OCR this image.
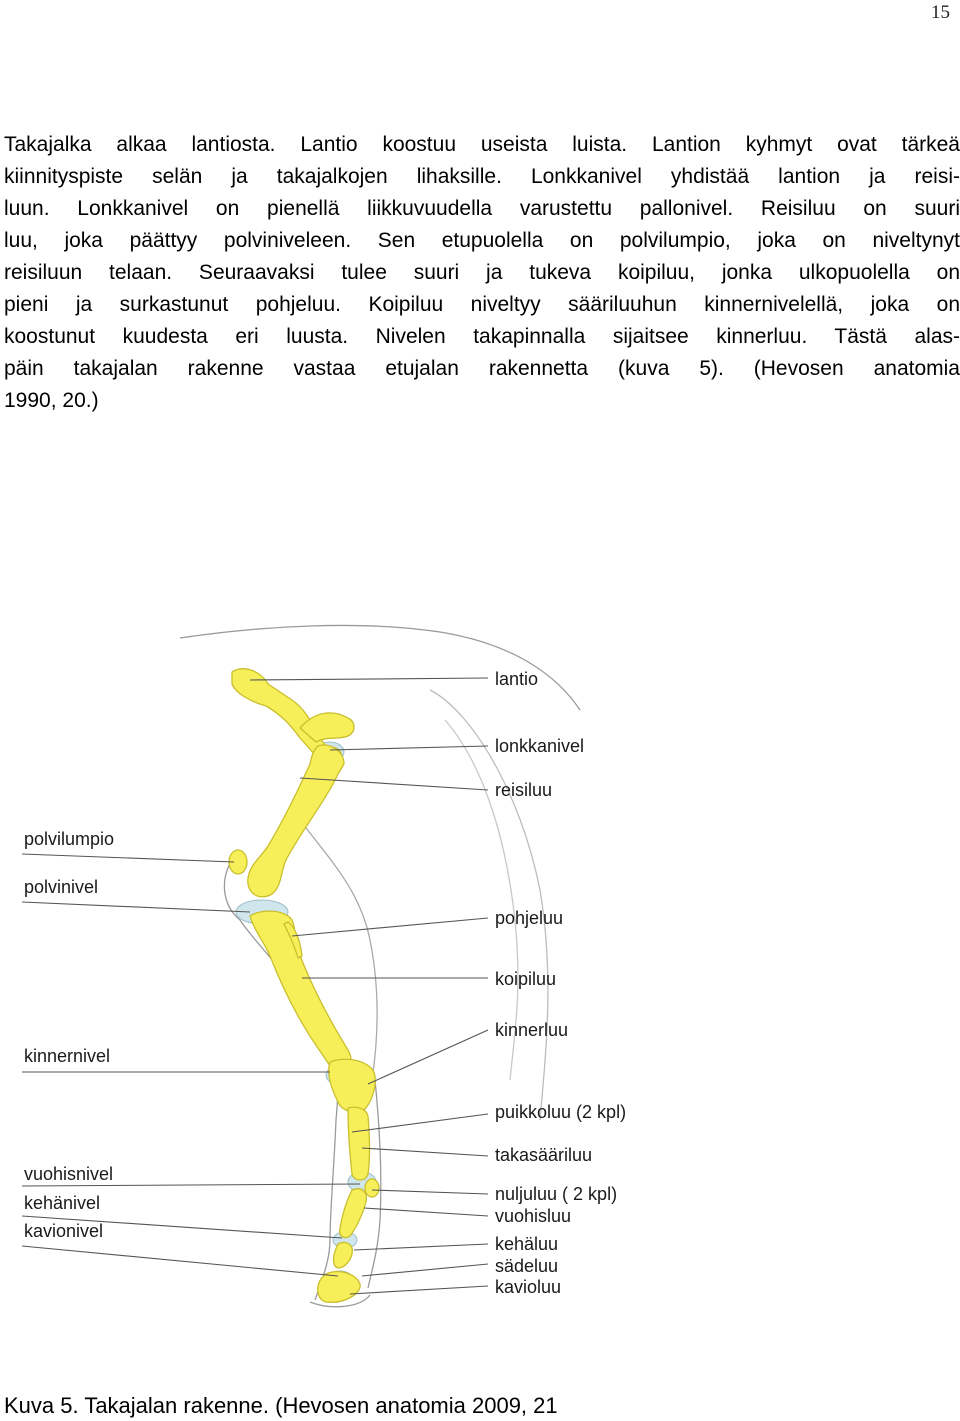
15
Takajalka alkaa lantiosta. Lantio koostuu useista luista. Lantion kyhmyt ovat tärkeä
kiinnityspiste selän ja takajalkojen lihaksille. Lonkkanivel yhdistää lantion ja reisi-
luun. Lonkkanivel on pienellä liikkuvuudella varustettu pallonivel. Reisiluu on suuri
luu, joka päättyy polviniveleen. Sen etupuolella on polvilumpio, joka on niveltynyt
reisiluun telaan. Seuraavaksi tulee suuri ja tukeva koipiluu, jonka ulkopuolella on
pieni ja surkastunut pohjeluu. Koipiluu niveltyy sääriluuhun kinnernivelellä, joka on
koostunut kuudesta eri luusta. Nivelen takapinnalla sijaitsee kinnerluu. Tästä alas-
päin takajalan rakenne vastaa etujalan rakennetta (kuva 5). (Hevosen anatomia
1990, 20.)
lantio
lonkkanivel
reisiluu
pohjeluu
koipiluu
kinnerluu
puikkoluu (2 kpl)
takasääriluu
nuljuluu ( 2 kpl)
vuohisluu
kehäluu
sädeluu
kavioluu
polvilumpio
polvinivel
kinnernivel
vuohisnivel
kehänivel
kavionivel
Kuva 5. Takajalan rakenne. (Hevosen anatomia 2009, 21
